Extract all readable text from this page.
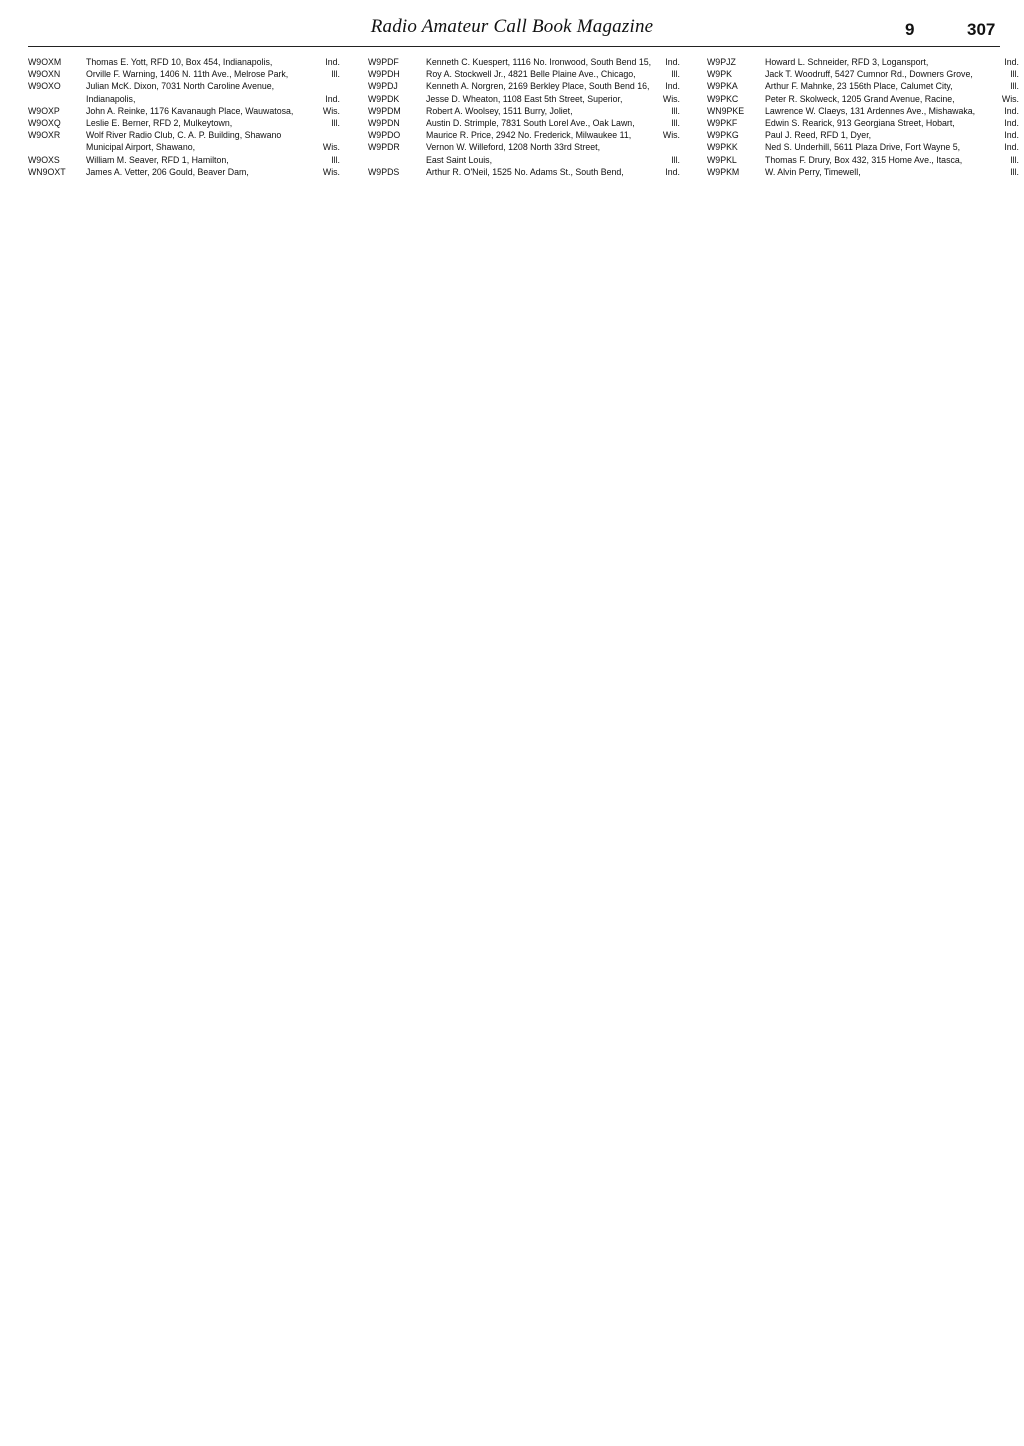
Radio Amateur Call Book Magazine	9	307
W9OXM	Thomas E. Yott, RFD 10, Box 454, Indianapolis,	Ind.
W9OXN	Orville F. Warning, 1406 N. 11th Ave., Melrose Park,	Ill.
W9OXO	Julian McK. Dixon, 7031 North Caroline Avenue,
Indianapolis,	Ind.
W9OXP	John A. Reinke, 1176 Kavanaugh Place, Wauwatosa,	Wis.
W9OXQ	Leslie E. Berner, RFD 2, Mulkeytown,	Ill.
W9OXR	Wolf River Radio Club, C. A. P. Building, Shawano
Municipal Airport, Shawano,	Wis.
W9OXS	William M. Seaver, RFD 1, Hamilton,	Ill.
WN9OXT	James A. Vetter, 206 Gould, Beaver Dam,	Wis.
W9PDF	Kenneth C. Kuespert, 1116 No. Ironwood, South Bend 15,	Ind.
W9PDH	Roy A. Stockwell Jr., 4821 Belle Plaine Ave., Chicago,	Ill.
W9PDJ	Kenneth A. Norgren, 2169 Berkley Place, South Bend 16,	Ind.
W9PDK	Jesse D. Wheaton, 1108 East 5th Street, Superior,	Wis.
W9PDM	Robert A. Woolsey, 1511 Burry, Joliet,	Ill.
W9PDN	Austin D. Strimple, 7831 South Lorel Ave., Oak Lawn,	Ill.
W9PDO	Maurice R. Price, 2942 No. Frederick, Milwaukee 11,	Wis.
W9PDR	Vernon W. Willeford, 1208 North 33rd Street,
East Saint Louis,	Ill.
W9PDS	Arthur R. O'Neil, 1525 No. Adams St., South Bend,	Ind.
W9PJZ	Howard L. Schneider, RFD 3, Logansport,	Ind.
W9PK	Jack T. Woodruff, 5427 Cumnor Rd., Downers Grove,	Ill.
W9PKA	Arthur F. Mahnke, 23 156th Place, Calumet City,	Ill.
W9PKC	Peter R. Skolweck, 1205 Grand Avenue, Racine,	Wis.
WN9PKE	Lawrence W. Claeys, 131 Ardennes Ave., Mishawaka,	Ind.
W9PKF	Edwin S. Rearick, 913 Georgiana Street, Hobart,	Ind.
W9PKG	Paul J. Reed, RFD 1, Dyer,	Ind.
W9PKK	Ned S. Underhill, 5611 Plaza Drive, Fort Wayne 5,	Ind.
W9PKL	Thomas F. Drury, Box 432, 315 Home Ave., Itasca,	Ill.
W9PKM	W. Alvin Perry, Timewell,	Ill.
